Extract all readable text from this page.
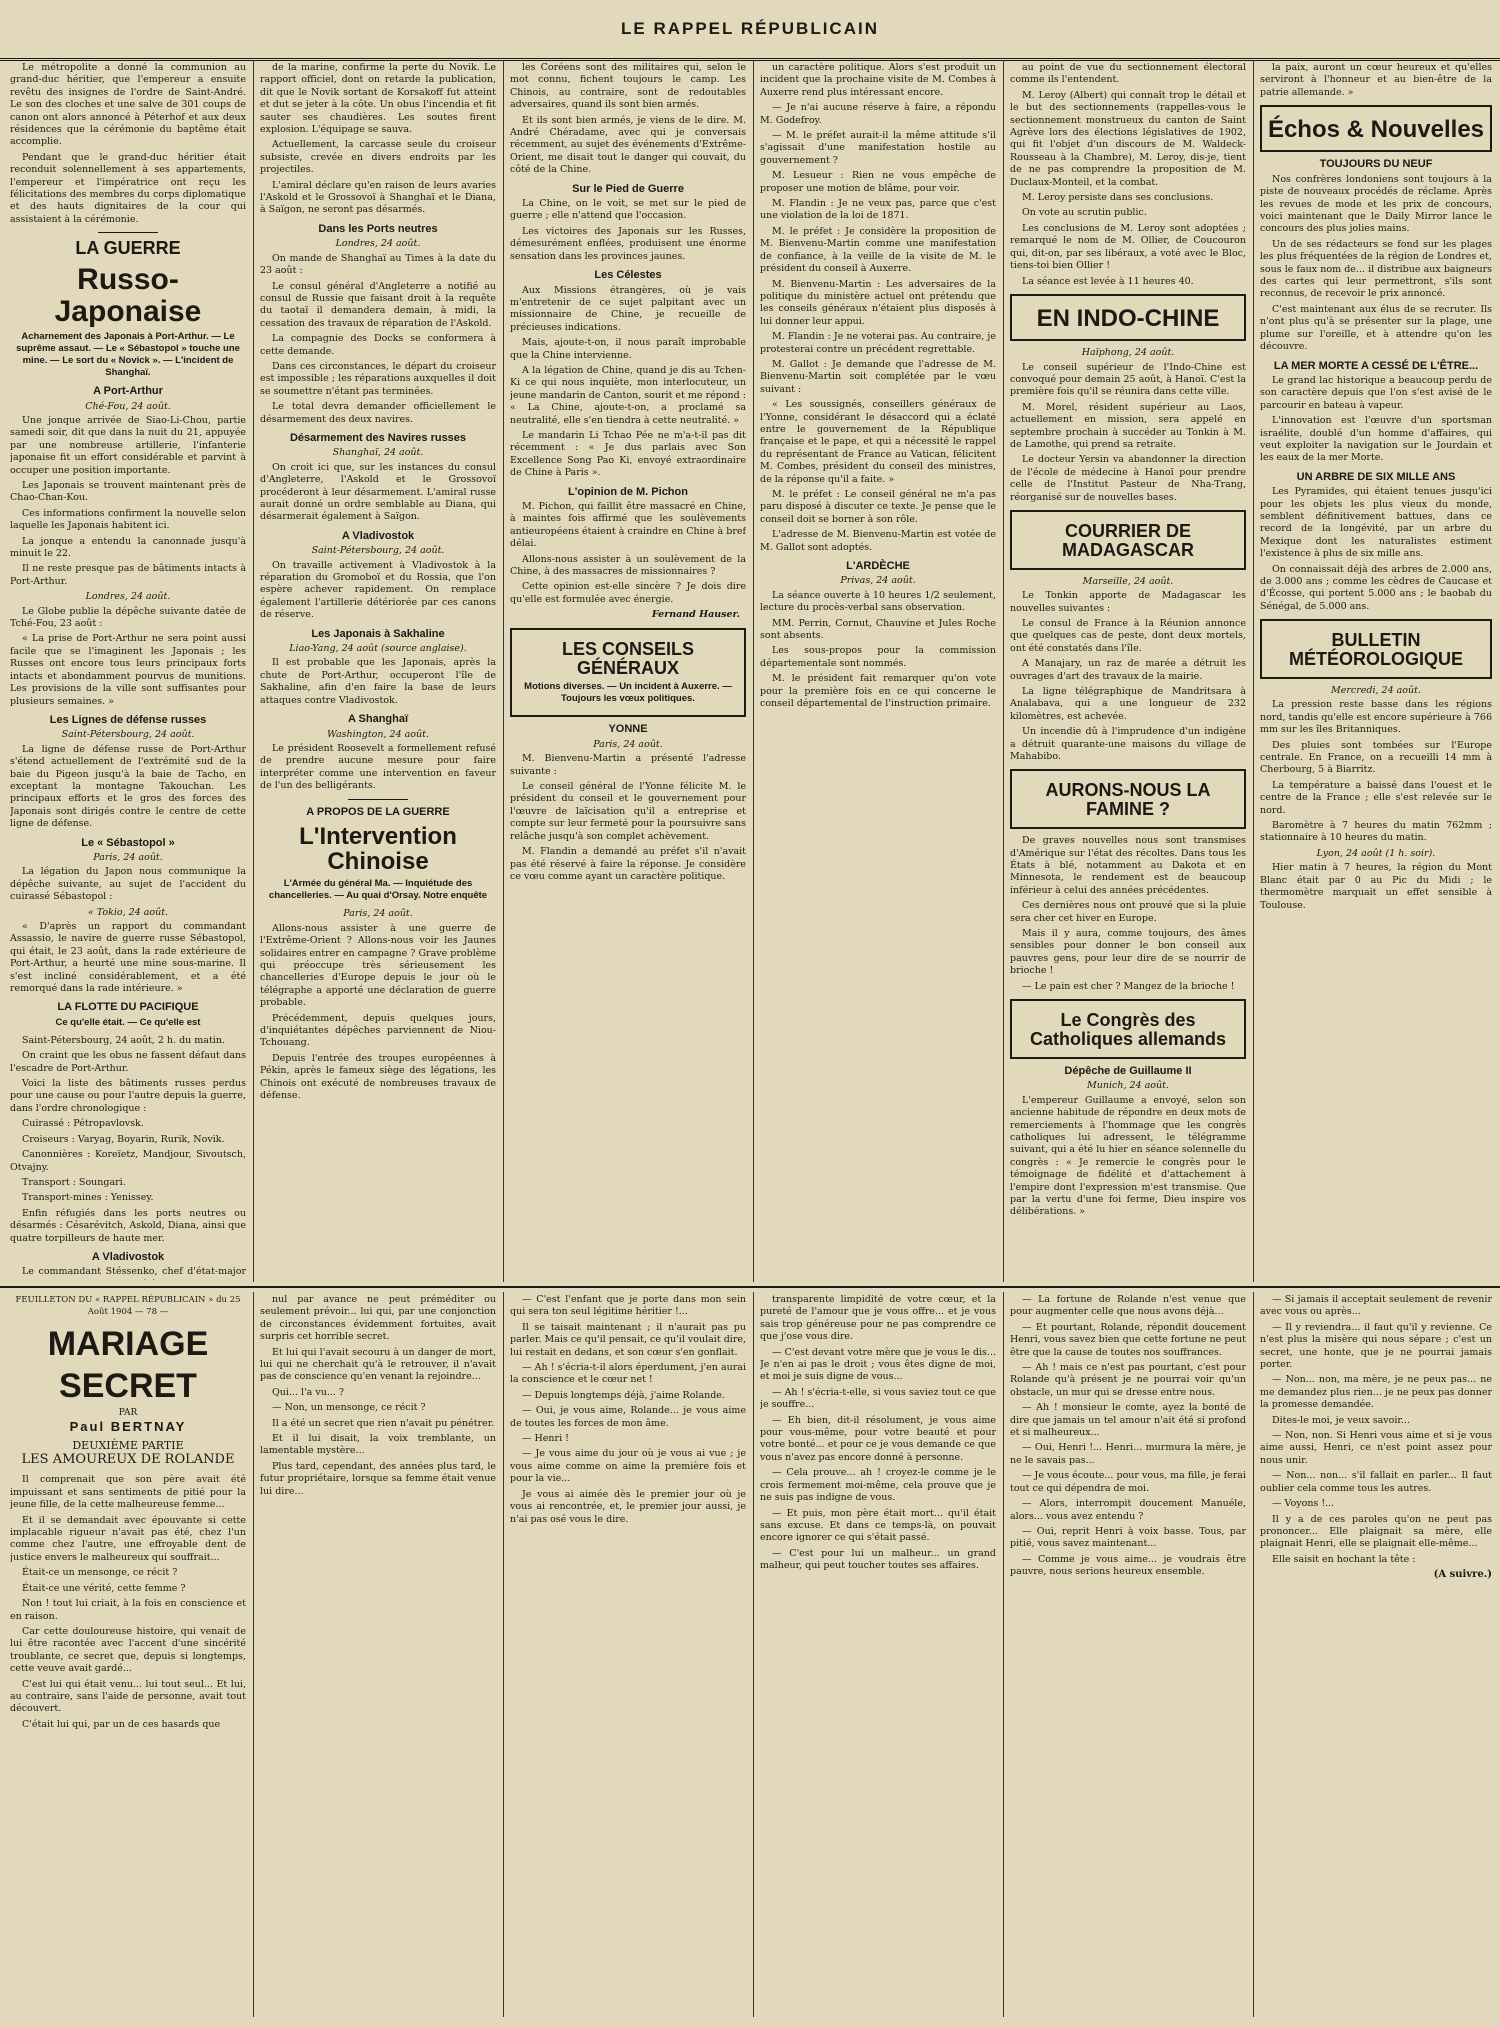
LE RAPPEL RÉPUBLICAIN

Le métropolite a donné la communion au grand-duc héritier, que l'empereur a ensuite revêtu des insignes de l'ordre de Saint-André. Le son des cloches et une salve de 301 coups de canon ont alors annoncé à Péterhof et aux deux résidences que la cérémonie du baptême était accomplie.

Pendant que le grand-duc héritier était reconduit solennellement à ses appartements, l'empereur et l'impératrice ont reçu les félicitations des membres du corps diplomatique et des hauts dignitaires de la cour qui assistaient à la cérémonie.

LA GUERRE
Russo-Japonaise
Acharnement des Japonais à Port-Arthur. — Le suprême assaut. — Le « Sébastopol » touche une mine. — Le sort du « Novick ». — L'incident de Shanghaï.
A Port-Arthur
Ché-Fou, 24 août.

Une jonque arrivée de Siao-Li-Chou, partie samedi soir, dit que dans la nuit du 21, appuyée par une nombreuse artillerie, l'infanterie japonaise fit un effort considérable et parvint à occuper une position importante.

Les Japonais se trouvent maintenant près de Chao-Chan-Kou.

Ces informations confirment la nouvelle selon laquelle les Japonais habitent ici.

La jonque a entendu la canonnade jusqu'à minuit le 22.

Il ne reste presque pas de bâtiments intacts à Port-Arthur.

Londres, 24 août.

Le Globe publie la dépêche suivante datée de Tché-Fou, 23 août :

« La prise de Port-Arthur ne sera point aussi facile que se l'imaginent les Japonais ; les Russes ont encore tous leurs principaux forts intacts et abondamment pourvus de munitions. Les provisions de la ville sont suffisantes pour plusieurs semaines. »

Les Lignes de défense russes
Saint-Pétersbourg, 24 août.

La ligne de défense russe de Port-Arthur s'étend actuellement de l'extrémité sud de la baie du Pigeon jusqu'à la baie de Tacho, en exceptant la montagne Takouchan. Les principaux efforts et le gros des forces des Japonais sont dirigés contre le centre de cette ligne de défense.

Le « Sébastopol »
Paris, 24 août.

La légation du Japon nous communique la dépêche suivante, au sujet de l'accident du cuirassé Sébastopol :

« Tokio, 24 août.

« D'après un rapport du commandant Assassio, le navire de guerre russe Sébastopol, qui était, le 23 août, dans la rade extérieure de Port-Arthur, a heurté une mine sous-marine. Il s'est incliné considérablement, et a été remorqué dans la rade intérieure. »

LA FLOTTE DU PACIFIQUE
Ce qu'elle était. — Ce qu'elle est

Saint-Pétersbourg, 24 août, 2 h. du matin.

On craint que les obus ne fassent défaut dans l'escadre de Port-Arthur.

Voici la liste des bâtiments russes perdus pour une cause ou pour l'autre depuis la guerre, dans l'ordre chronologique :

Cuirassé : Pétropavlovsk.

Croiseurs : Varyag, Boyarin, Rurik, Novik.

Canonnières : Koreïetz, Mandjour, Sivoutsch, Otvajny.

Transport : Soungari.

Transport-mines : Yenissey.

Enfin réfugiés dans les ports neutres ou désarmés : Césarévitch, Askold, Diana, ainsi que quatre torpilleurs de haute mer.

A Vladivostok

Le commandant Stéssenko, chef d'état-major

de la marine, confirme la perte du Novik. Le rapport officiel, dont on retarde la publication, dit que le Novik sortant de Korsakoff fut atteint et dut se jeter à la côte. Un obus l'incendia et fit sauter ses chaudières. Les soutes firent explosion. L'équipage se sauva.

Actuellement, la carcasse seule du croiseur subsiste, crevée en divers endroits par les projectiles.

L'amiral déclare qu'en raison de leurs avaries l'Askold et le Grossovoï à Shanghaï et le Diana, à Saïgon, ne seront pas désarmés.

Dans les Ports neutres
Londres, 24 août.

On mande de Shanghaï au Times à la date du 23 août :

Le consul général d'Angleterre a notifié au consul de Russie que faisant droit à la requête du taotaï il demandera demain, à midi, la cessation des travaux de réparation de l'Askold.

La compagnie des Docks se conformera à cette demande.

Dans ces circonstances, le départ du croiseur est impossible ; les réparations auxquelles il doit se soumettre n'étant pas terminées.

Le total devra demander officiellement le désarmement des deux navires.

Désarmement des Navires russes
Shanghaï, 24 août.

On croit ici que, sur les instances du consul d'Angleterre, l'Askold et le Grossovoï procéderont à leur désarmement. L'amiral russe aurait donné un ordre semblable au Diana, qui désarmerait également à Saïgon.

A Vladivostok
Saint-Pétersbourg, 24 août.

On travaille activement à Vladivostok à la réparation du Gromoboï et du Rossia, que l'on espère achever rapidement. On remplace également l'artillerie détériorée par ces canons de réserve.

Les Japonais à Sakhaline
Liao-Yang, 24 août (source anglaise).

Il est probable que les Japonais, après la chute de Port-Arthur, occuperont l'île de Sakhaline, afin d'en faire la base de leurs attaques contre Vladivostok.

A Shanghaï
Washington, 24 août.

Le président Roosevelt a formellement refusé de prendre aucune mesure pour faire interpréter comme une intervention en faveur de l'un des belligérants.

A PROPOS DE LA GUERRE
L'Intervention Chinoise
L'Armée du général Ma. — Inquiétude des chancelleries. — Au quai d'Orsay. Notre enquête
Paris, 24 août.

Allons-nous assister à une guerre de l'Extrême-Orient ? Allons-nous voir les Jaunes solidaires entrer en campagne ? Grave problème qui préoccupe très sérieusement les chancelleries d'Europe depuis le jour où le télégraphe a apporté une déclaration de guerre probable.

Précédemment, depuis quelques jours, d'inquiétantes dépêches parviennent de Niou-Tchouang.

Depuis l'entrée des troupes européennes à Pékin, après le fameux siège des légations, les Chinois ont exécuté de nombreuses travaux de défense.

les Coréens sont des militaires qui, selon le mot connu, fichent toujours le camp. Les Chinois, au contraire, sont de redoutables adversaires, quand ils sont bien armés.

Et ils sont bien armés, je viens de le dire. M. André Chéradame, avec qui je conversais récemment, au sujet des événements d'Extrême-Orient, me disait tout le danger qui couvait, du côté de la Chine.

Sur le Pied de Guerre

La Chine, on le voit, se met sur le pied de guerre ; elle n'attend que l'occasion.

Les victoires des Japonais sur les Russes, démesurément enflées, produisent une énorme sensation dans les provinces jaunes.

Les Célestes

Aux Missions étrangères, où je vais m'entretenir de ce sujet palpitant avec un missionnaire de Chine, je recueille de précieuses indications.

Mais, ajoute-t-on, il nous paraît improbable que la Chine intervienne.

A la légation de Chine, quand je dis au Tchen-Ki ce qui nous inquiète, mon interlocuteur, un jeune mandarin de Canton, sourit et me répond : « La Chine, ajoute-t-on, a proclamé sa neutralité, elle s'en tiendra à cette neutralité. »

Le mandarin Li Tchao Pée ne m'a-t-il pas dit récemment : « Je dus parlais avec Son Excellence Song Pao Ki, envoyé extraordinaire de Chine à Paris ».

L'opinion de M. Pichon

M. Pichon, qui faillit être massacré en Chine, à maintes fois affirmé que les soulèvements antieuropéens étaient à craindre en Chine à bref délai.

Allons-nous assister à un soulèvement de la Chine, à des massacres de missionnaires ?

Cette opinion est-elle sincère ? Je dois dire qu'elle est formulée avec énergie.

Fernand Hauser.
LES CONSEILS GÉNÉRAUX
Motions diverses. — Un incident à Auxerre. — Toujours les vœux politiques.
YONNE
Paris, 24 août.

M. Bienvenu-Martin a présenté l'adresse suivante :

Le conseil général de l'Yonne félicite M. le président du conseil et le gouvernement pour l'œuvre de laïcisation qu'il a entreprise et compte sur leur fermeté pour la poursuivre sans relâche jusqu'à son complet achèvement.

M. Flandin a demandé au préfet s'il n'avait pas été réservé à faire la réponse. Je considère ce vœu comme ayant un caractère politique.

un caractère politique. Alors s'est produit un incident que la prochaine visite de M. Combes à Auxerre rend plus intéressant encore.

— Je n'ai aucune réserve à faire, a répondu M. Godefroy.

— M. le préfet aurait-il la même attitude s'il s'agissait d'une manifestation hostile au gouvernement ?

M. Lesueur : Rien ne vous empêche de proposer une motion de blâme, pour voir.

M. Flandin : Je ne veux pas, parce que c'est une violation de la loi de 1871.

M. le préfet : Je considère la proposition de M. Bienvenu-Martin comme une manifestation de confiance, à la veille de la visite de M. le président du conseil à Auxerre.

M. Bienvenu-Martin : Les adversaires de la politique du ministère actuel ont prétendu que les conseils généraux n'étaient plus disposés à lui donner leur appui.

M. Flandin : Je ne voterai pas. Au contraire, je protesterai contre un précédent regrettable.

M. Gallot : Je demande que l'adresse de M. Bienvenu-Martin soit complétée par le vœu suivant :

« Les soussignés, conseillers généraux de l'Yonne, considérant le désaccord qui a éclaté entre le gouvernement de la République française et le pape, et qui a nécessité le rappel du représentant de France au Vatican, félicitent M. Combes, président du conseil des ministres, de la réponse qu'il a faite. »

M. le préfet : Le conseil général ne m'a pas paru disposé à discuter ce texte. Je pense que le conseil doit se borner à son rôle.

L'adresse de M. Bienvenu-Martin est votée de M. Gallot sont adoptés.

L'ARDÈCHE
Privas, 24 août.

La séance ouverte à 10 heures 1/2 seulement, lecture du procès-verbal sans observation.

MM. Perrin, Cornut, Chauvine et Jules Roche sont absents.

Les sous-propos pour la commission départementale sont nommés.

M. le président fait remarquer qu'on vote pour la première fois en ce qui concerne le conseil départemental de l'instruction primaire.

au point de vue du sectionnement électoral comme ils l'entendent.

M. Leroy (Albert) qui connaît trop le détail et le but des sectionnements (rappelles-vous le sectionnement monstrueux du canton de Saint Agrève lors des élections législatives de 1902, qui fit l'objet d'un discours de M. Waldeck-Rousseau à la Chambre), M. Leroy, dis-je, tient de ne pas comprendre la proposition de M. Duclaux-Monteil, et la combat.

M. Leroy persiste dans ses conclusions.

On vote au scrutin public.

Les conclusions de M. Leroy sont adoptées ; remarqué le nom de M. Ollier, de Coucouron qui, dit-on, par ses libéraux, a voté avec le Bloc, tiens-toi bien Ollier !

La séance est levée à 11 heures 40.

EN INDO-CHINE
Haïphong, 24 août.

Le conseil supérieur de l'Indo-Chine est convoqué pour demain 25 août, à Hanoï. C'est la première fois qu'il se réunira dans cette ville.

M. Morel, résident supérieur au Laos, actuellement en mission, sera appelé en septembre prochain à succéder au Tonkin à M. de Lamothe, qui prend sa retraite.

Le docteur Yersin va abandonner la direction de l'école de médecine à Hanoï pour prendre celle de l'Institut Pasteur de Nha-Trang, réorganisé sur de nouvelles bases.

COURRIER DE MADAGASCAR
Marseille, 24 août.

Le Tonkin apporte de Madagascar les nouvelles suivantes :

Le consul de France à la Réunion annonce que quelques cas de peste, dont deux mortels, ont été constatés dans l'île.

A Manajary, un raz de marée a détruit les ouvrages d'art des travaux de la mairie.

La ligne télégraphique de Mandritsara à Analabava, qui a une longueur de 232 kilomètres, est achevée.

Un incendie dû à l'imprudence d'un indigène a détruit quarante-une maisons du village de Mahabibo.

AURONS-NOUS LA FAMINE ?

De graves nouvelles nous sont transmises d'Amérique sur l'état des récoltes. Dans tous les États à blé, notamment au Dakota et en Minnesota, le rendement est de beaucoup inférieur à celui des années précédentes.

Ces dernières nous ont prouvé que si la pluie sera cher cet hiver en Europe.

Mais il y aura, comme toujours, des âmes sensibles pour donner le bon conseil aux pauvres gens, pour leur dire de se nourrir de brioche !

— Le pain est cher ? Mangez de la brioche !

Le Congrès des Catholiques allemands
Dépêche de Guillaume II
Munich, 24 août.

L'empereur Guillaume a envoyé, selon son ancienne habitude de répondre en deux mots de remerciements à l'hommage que les congrès catholiques lui adressent, le télégramme suivant, qui a été lu hier en séance solennelle du congrès : « Je remercie le congrès pour le témoignage de fidélité et d'attachement à l'empire dont l'expression m'est transmise. Que par la vertu d'une foi ferme, Dieu inspire vos délibérations. »

la paix, auront un cœur heureux et qu'elles serviront à l'honneur et au bien-être de la patrie allemande. »

Échos & Nouvelles
TOUJOURS DU NEUF

Nos confrères londoniens sont toujours à la piste de nouveaux procédés de réclame. Après les revues de mode et les prix de concours, voici maintenant que le Daily Mirror lance le concours des plus jolies mains.

Un de ses rédacteurs se fond sur les plages les plus fréquentées de la région de Londres et, sous le faux nom de... il distribue aux baigneurs des cartes qui leur permettront, s'ils sont reconnus, de recevoir le prix annoncé.

C'est maintenant aux élus de se recruter. Ils n'ont plus qu'à se présenter sur la plage, une plume sur l'oreille, et à attendre qu'on les découvre.

LA MER MORTE A CESSÉ DE L'ÊTRE...

Le grand lac historique a beaucoup perdu de son caractère depuis que l'on s'est avisé de le parcourir en bateau à vapeur.

L'innovation est l'œuvre d'un sportsman israélite, doublé d'un homme d'affaires, qui veut exploiter la navigation sur le Jourdain et les eaux de la mer Morte.

UN ARBRE DE SIX MILLE ANS

Les Pyramides, qui étaient tenues jusqu'ici pour les objets les plus vieux du monde, semblent définitivement battues, dans ce record de la longévité, par un arbre du Mexique dont les naturalistes estiment l'existence à plus de six mille ans.

On connaissait déjà des arbres de 2.000 ans, de 3.000 ans ; comme les cèdres de Caucase et d'Écosse, qui portent 5.000 ans ; le baobab du Sénégal, de 5.000 ans.

BULLETIN MÉTÉOROLOGIQUE
Mercredi, 24 août.

La pression reste basse dans les régions nord, tandis qu'elle est encore supérieure à 766 mm sur les îles Britanniques.

Des pluies sont tombées sur l'Europe centrale. En France, on a recueilli 14 mm à Cherbourg, 5 à Biarritz.

La température a baissé dans l'ouest et le centre de la France ; elle s'est relevée sur le nord.

Baromètre à 7 heures du matin 762mm ; stationnaire à 10 heures du matin.

Lyon, 24 août (1 h. soir).

Hier matin à 7 heures, la région du Mont Blanc était par 0 au Pic du Midi ; le thermomètre marquait un effet sensible à Toulouse.

FEUILLETON DU « RAPPEL RÉPUBLICAIN » du 25 Août 1904 — 78 —
MARIAGE
SECRET
PAR
Paul BERTNAY
DEUXIÈME PARTIE
LES AMOUREUX DE ROLANDE

Il comprenait que son père avait été impuissant et sans sentiments de pitié pour la jeune fille, de la cette malheureuse femme...

Et il se demandait avec épouvante si cette implacable rigueur n'avait pas été, chez l'un comme chez l'autre, une effroyable dent de justice envers le malheureux qui souffrait...

Était-ce un mensonge, ce récit ?

Était-ce une vérité, cette femme ?

Non ! tout lui criait, à la fois en conscience et en raison.

Car cette douloureuse histoire, qui venait de lui être racontée avec l'accent d'une sincérité troublante, ce secret que, depuis si longtemps, cette veuve avait gardé...

C'est lui qui était venu... lui tout seul... Et lui, au contraire, sans l'aide de personne, avait tout découvert.

C'était lui qui, par un de ces hasards que

nul par avance ne peut préméditer ou seulement prévoir... lui qui, par une conjonction de circonstances évidemment fortuites, avait surpris cet horrible secret.

Et lui qui l'avait secouru à un danger de mort, lui qui ne cherchait qu'à le retrouver, il n'avait pas de conscience qu'en venant la rejoindre...

Qui... l'a vu... ?

— Non, un mensonge, ce récit ?

Il a été un secret que rien n'avait pu pénétrer.

Et il lui disait, la voix tremblante, un lamentable mystère...

Plus tard, cependant, des années plus tard, le futur propriétaire, lorsque sa femme était venue lui dire...

— C'est l'enfant que je porte dans mon sein qui sera ton seul légitime héritier !...

Il se taisait maintenant ; il n'aurait pas pu parler. Mais ce qu'il pensait, ce qu'il voulait dire, lui restait en dedans, et son cœur s'en gonflait.

— Ah ! s'écria-t-il alors éperdument, j'en aurai la conscience et le cœur net !

— Depuis longtemps déjà, j'aime Rolande.

— Oui, je vous aime, Rolande... je vous aime de toutes les forces de mon âme.

— Henri !

— Je vous aime du jour où je vous ai vue ; je vous aime comme on aime la première fois et pour la vie...

Je vous ai aimée dès le premier jour où je vous ai rencontrée, et, le premier jour aussi, je n'ai pas osé vous le dire.

transparente limpidité de votre cœur, et la pureté de l'amour que je vous offre... et je vous sais trop généreuse pour ne pas comprendre ce que j'ose vous dire.

— C'est devant votre mère que je vous le dis... Je n'en ai pas le droit ; vous êtes digne de moi, et moi je suis digne de vous...

— Ah ! s'écria-t-elle, si vous saviez tout ce que je souffre...

— Eh bien, dit-il résolument, je vous aime pour vous-même, pour votre beauté et pour votre bonté... et pour ce je vous demande ce que vous n'avez pas encore donné à personne.

— Cela prouve... ah ! croyez-le comme je le crois fermement moi-même, cela prouve que je ne suis pas indigne de vous.

— Et puis, mon père était mort... qu'il était sans excuse. Et dans ce temps-là, on pouvait encore ignorer ce qui s'était passé.

— C'est pour lui un malheur... un grand malheur, qui peut toucher toutes ses affaires.

— La fortune de Rolande n'est venue que pour augmenter celle que nous avons déjà...

— Et pourtant, Rolande, répondit doucement Henri, vous savez bien que cette fortune ne peut être que la cause de toutes nos souffrances.

— Ah ! mais ce n'est pas pourtant, c'est pour Rolande qu'à présent je ne pourrai voir qu'un obstacle, un mur qui se dresse entre nous.

— Ah ! monsieur le comte, ayez la bonté de dire que jamais un tel amour n'ait été si profond et si malheureux...

— Oui, Henri !... Henri... murmura la mère, je ne le savais pas...

— Je vous écoute... pour vous, ma fille, je ferai tout ce qui dépendra de moi.

— Alors, interrompit doucement Manuéle, alors... vous avez entendu ?

— Oui, reprit Henri à voix basse. Tous, par pitié, vous savez maintenant...

— Comme je vous aime... je voudrais être pauvre, nous serions heureux ensemble.

— Si jamais il acceptait seulement de revenir avec vous ou après...

— Il y reviendra... il faut qu'il y revienne. Ce n'est plus la misère qui nous sépare ; c'est un secret, une honte, que je ne pourrai jamais porter.

— Non... non, ma mère, je ne peux pas... ne me demandez plus rien... je ne peux pas donner la promesse demandée.

Dites-le moi, je veux savoir...

— Non, non. Si Henri vous aime et si je vous aime aussi, Henri, ce n'est point assez pour nous unir.

— Non... non... s'il fallait en parler... Il faut oublier cela comme tous les autres.

— Voyons !...

Il y a de ces paroles qu'on ne peut pas prononcer... Elle plaignait sa mère, elle plaignait Henri, elle se plaignait elle-même...

Elle saisit en hochant la tête :

(A suivre.)
